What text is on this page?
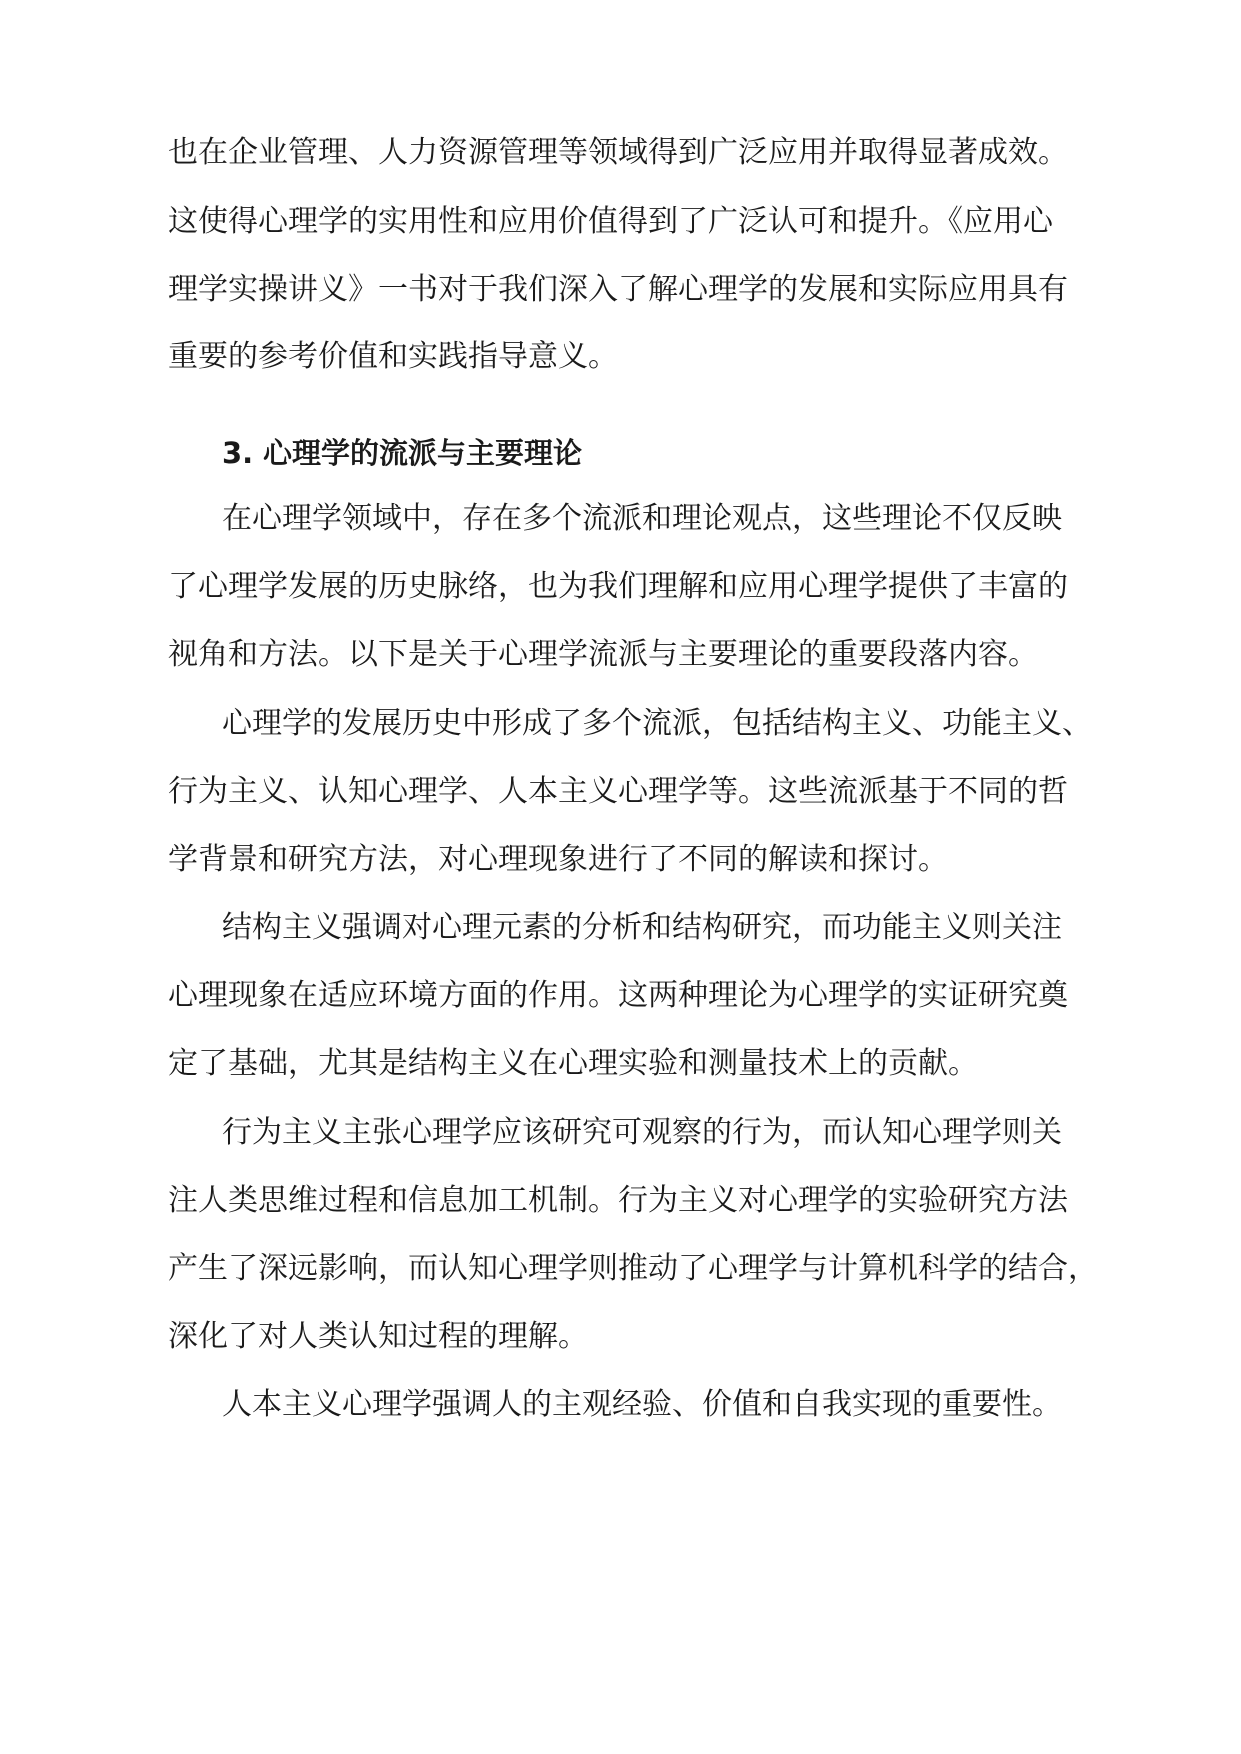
也在企业管理、人力资源管理等领域得到广泛应用并取得显著成效。
这使得心理学的实用性和应用价值得到了广泛认可和提升。《应用心
理学实操讲义》一书对于我们深入了解心理学的发展和实际应用具有
重要的参考价值和实践指导意义。
3. 心理学的流派与主要理论
在心理学领域中，存在多个流派和理论观点，这些理论不仅反映
了心理学发展的历史脉络，也为我们理解和应用心理学提供了丰富的
视角和方法。以下是关于心理学流派与主要理论的重要段落内容。
心理学的发展历史中形成了多个流派，包括结构主义、功能主义、
行为主义、认知心理学、人本主义心理学等。这些流派基于不同的哲
学背景和研究方法，对心理现象进行了不同的解读和探讨。
结构主义强调对心理元素的分析和结构研究，而功能主义则关注
心理现象在适应环境方面的作用。这两种理论为心理学的实证研究奠
定了基础，尤其是结构主义在心理实验和测量技术上的贡献。
行为主义主张心理学应该研究可观察的行为，而认知心理学则关
注人类思维过程和信息加工机制。行为主义对心理学的实验研究方法
产生了深远影响，而认知心理学则推动了心理学与计算机科学的结合，
深化了对人类认知过程的理解。
人本主义心理学强调人的主观经验、价值和自我实现的重要性。
